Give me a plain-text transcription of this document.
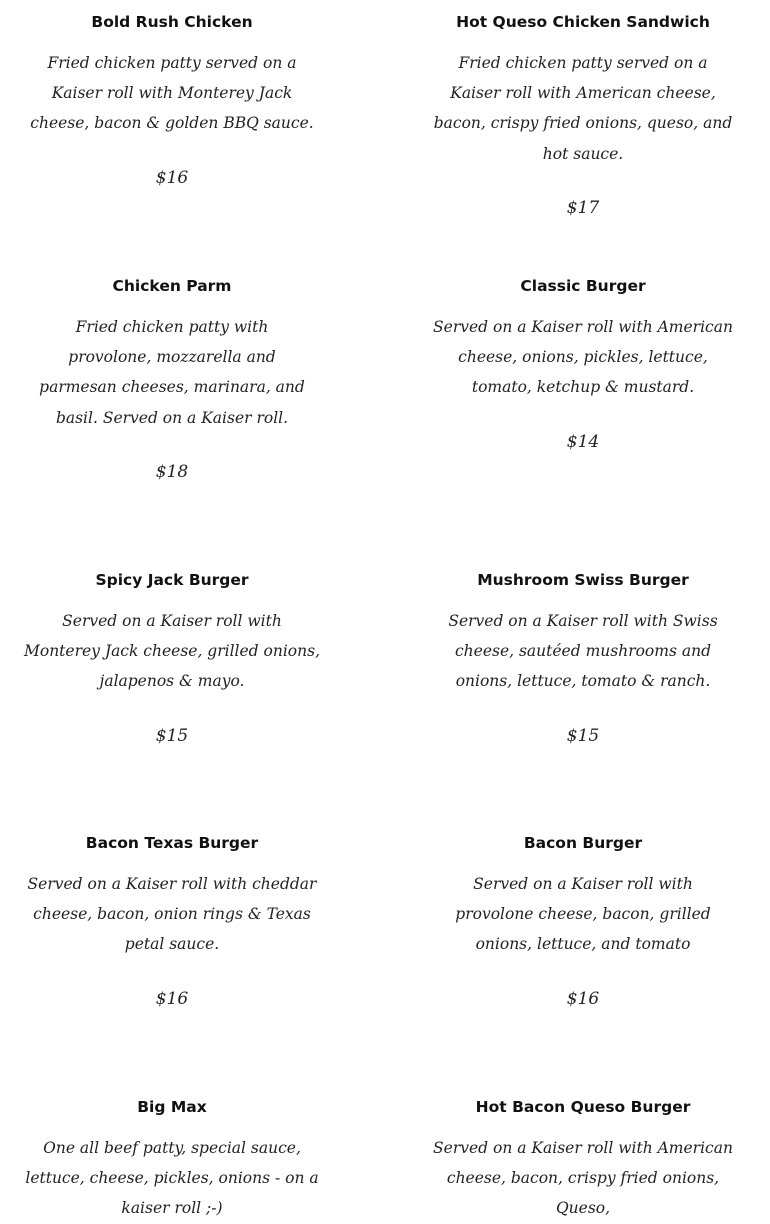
Bold Rush Chicken
Fried chicken patty served on a Kaiser roll with Monterey Jack cheese, bacon & golden BBQ sauce.
$16
Hot Queso Chicken Sandwich
Fried chicken patty served on a Kaiser roll with American cheese, bacon, crispy fried onions, queso, and hot sauce.
$17
Chicken Parm
Fried chicken patty with provolone, mozzarella and parmesan cheeses, marinara, and basil. Served on a Kaiser roll.
$18
Classic Burger
Served on a Kaiser roll with American cheese, onions, pickles, lettuce, tomato, ketchup & mustard.
$14
Spicy Jack Burger
Served on a Kaiser roll with Monterey Jack cheese, grilled onions, jalapenos & mayo.
$15
Mushroom Swiss Burger
Served on a Kaiser roll with Swiss cheese, sautéed mushrooms and onions, lettuce, tomato & ranch.
$15
Bacon Texas Burger
Served on a Kaiser roll with cheddar cheese, bacon, onion rings & Texas petal sauce.
$16
Bacon Burger
Served on a Kaiser roll with provolone cheese, bacon, grilled onions, lettuce, and tomato
$16
Big Max
One all beef patty, special sauce, lettuce, cheese, pickles, onions - on a kaiser roll ;-)
Hot Bacon Queso Burger
Served on a Kaiser roll with American cheese, bacon, crispy fried onions, Queso,
